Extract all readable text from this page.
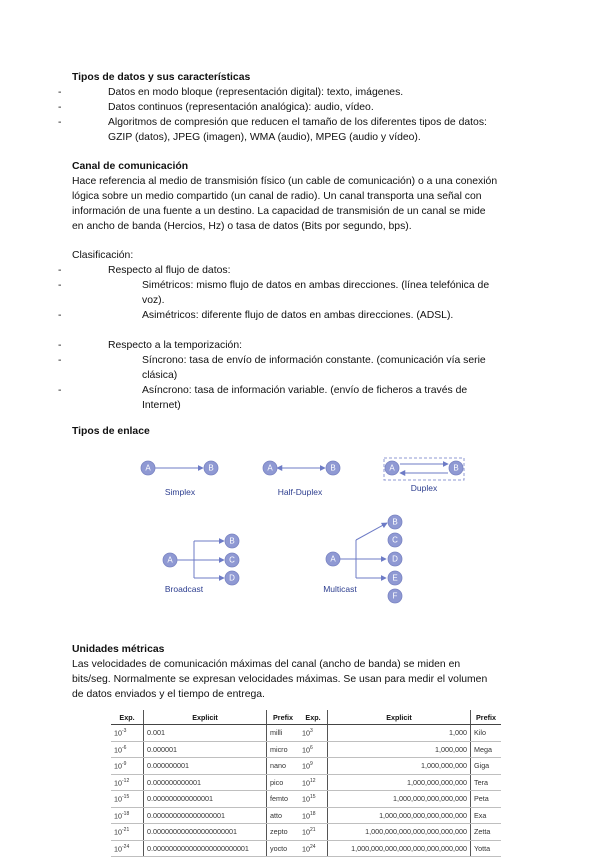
Tipos de datos y sus características
-	Datos en modo bloque (representación digital): texto, imágenes.
-	Datos continuos (representación analógica): audio, vídeo.
-	Algoritmos de compresión que reducen el tamaño de los diferentes tipos de datos:
GZIP (datos), JPEG (imagen), WMA (audio), MPEG (audio y vídeo).
Canal de comunicación
Hace referencia al medio de transmisión físico (un cable de comunicación) o a una conexión
lógica sobre un medio compartido (un canal de radio). Un canal transporta una señal con
información de una fuente a un destino. La capacidad de transmisión de un canal se mide
en ancho de banda (Hercios, Hz) o tasa de datos (Bits por segundo, bps).
Clasificación:
-	Respecto al flujo de datos:
-	Simétricos: mismo flujo de datos en ambas direcciones. (línea telefónica de
voz).
-	Asimétricos: diferente flujo de datos en ambas direcciones. (ADSL).
-	Respecto a la temporización:
-	Síncrono: tasa de envío de información constante. (comunicación vía serie
clásica)
-	Asíncrono: tasa de información variable. (envío de ficheros a través de
Internet)
Tipos de enlace
A	B
Simplex
A	B
Half-Duplex
A	B
Duplex
A
B
C
D
Broadcast
A
B
C
D
E
F
Multicast
Unidades métricas
Las velocidades de comunicación máximas del canal (ancho de banda) se miden en
bits/seg. Normalmente se expresan velocidades máximas. Se usan para medir el volumen
de datos enviados y el tiempo de entrega.
Exp.	Explicit	Prefix	Exp.	Explicit	Prefix
$10^{-3}$	0.001	milli	$10^3$	1,000	Kilo
$10^{-6}$	0.000001	micro	$10^6$	1,000,000	Mega
$10^{-9}$	0.000000001	nano	$10^9$	1,000,000,000	Giga
$10^{-12}$	0.000000000001	pico	$10^{12}$	1,000,000,000,000	Tera
$10^{-15}$	0.000000000000001	femto	$10^{15}$	1,000,000,000,000,000	Peta
$10^{-18}$	0.000000000000000001	atto	$10^{18}$	1,000,000,000,000,000,000	Exa
$10^{-21}$	0.000000000000000000001	zepto	$10^{21}$	1,000,000,000,000,000,000,000	Zetta
$10^{-24}$	0.000000000000000000000001	yocto	$10^{24}$	1,000,000,000,000,000,000,000,000	Yotta
